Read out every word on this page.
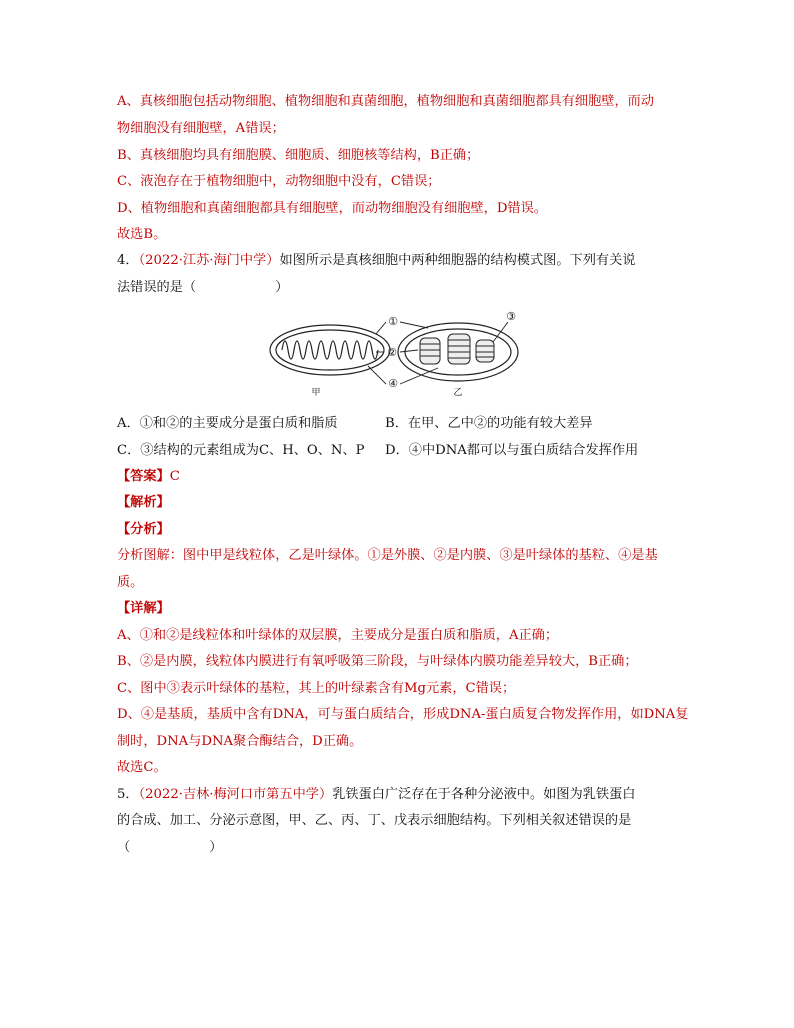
A、真核细胞包括动物细胞、植物细胞和真菌细胞，植物细胞和真菌细胞都具有细胞壁，而动
物细胞没有细胞壁，A错误；
B、真核细胞均具有细胞膜、细胞质、细胞核等结构，B正确；
C、液泡存在于植物细胞中，动物细胞中没有，C错误；
D、植物细胞和真菌细胞都具有细胞壁，而动物细胞没有细胞壁，D错误。
故选B。
4．（2022·江苏·海门中学）如图所示是真核细胞中两种细胞器的结构模式图。下列有关说
法错误的是（　　　　　　）
①
②
③
④
甲	乙
A．①和②的主要成分是蛋白质和脂质	B．在甲、乙中②的功能有较大差异
C．③结构的元素组成为C、H、O、N、P D．④中DNA都可以与蛋白质结合发挥作用
【答案】C
【解析】
【分析】
分析图解：图中甲是线粒体，乙是叶绿体。①是外膜、②是内膜、③是叶绿体的基粒、④是基
质。
【详解】
A、①和②是线粒体和叶绿体的双层膜，主要成分是蛋白质和脂质，A正确；
B、②是内膜，线粒体内膜进行有氧呼吸第三阶段，与叶绿体内膜功能差异较大，B正确；
C、图中③表示叶绿体的基粒，其上的叶绿素含有Mg元素，C错误；
D、④是基质，基质中含有DNA，可与蛋白质结合，形成DNA-蛋白质复合物发挥作用，如DNA复
制时，DNA与DNA聚合酶结合，D正确。
故选C。
5．（2022·吉林·梅河口市第五中学）乳铁蛋白广泛存在于各种分泌液中。如图为乳铁蛋白
的合成、加工、分泌示意图，甲、乙、丙、丁、戊表示细胞结构。下列相关叙述错误的是
（　　　　　　）
